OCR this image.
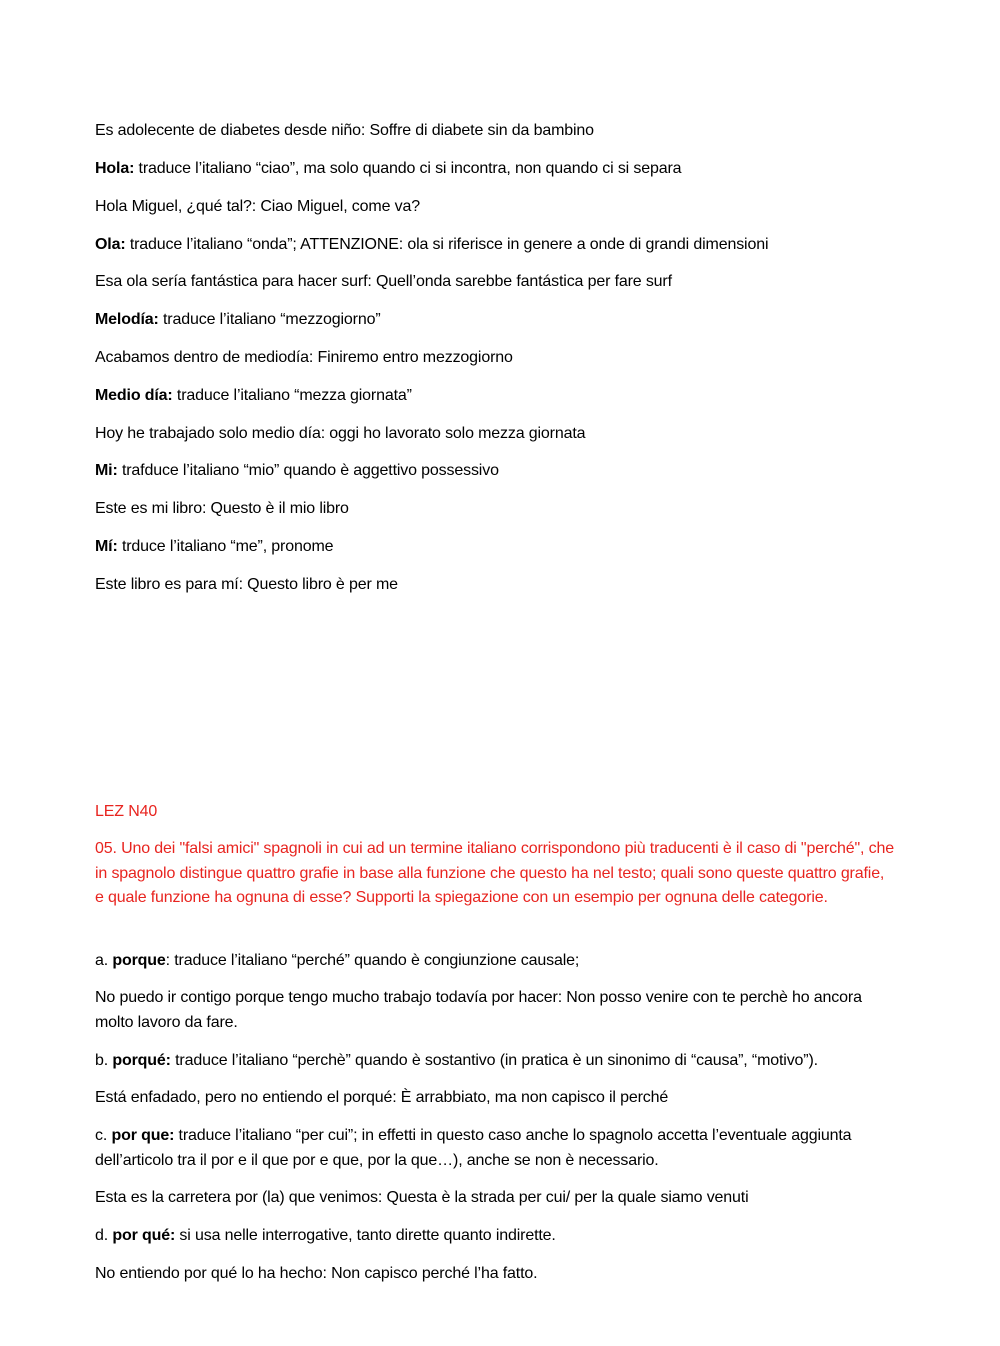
Es adolecente de diabetes desde niño: Soffre di diabete sin da bambino
Hola: traduce l’italiano “ciao”, ma solo quando ci si incontra, non quando ci si separa
Hola Miguel, ¿qué tal?: Ciao Miguel, come va?
Ola: traduce l’italiano “onda”; ATTENZIONE: ola si riferisce in genere a onde di grandi dimensioni
Esa ola sería fantástica para hacer surf: Quell’onda sarebbe fantástica per fare surf
Melodía: traduce l’italiano “mezzogiorno”
Acabamos dentro de mediodía: Finiremo entro mezzogiorno
Medio día: traduce l’italiano “mezza giornata”
Hoy he trabajado solo medio día: oggi ho lavorato solo mezza giornata
Mi: trafduce l’italiano “mio” quando è aggettivo possessivo
Este es mi libro: Questo è il mio libro
Mí: trduce l’italiano “me”, pronome
Este libro es para mí: Questo libro è per me
LEZ N40
05. Uno dei "falsi amici" spagnoli in cui ad un termine italiano corrispondono più traducenti è il caso di "perché", che in spagnolo distingue quattro grafie in base alla funzione che questo ha nel testo; quali sono queste quattro grafie, e quale funzione ha ognuna di esse? Supporti la spiegazione con un esempio per ognuna delle categorie.
a. porque: traduce l’italiano “perché” quando è congiunzione causale;
No puedo ir contigo porque tengo mucho trabajo todavía por hacer: Non posso venire con te perchè ho ancora molto lavoro da fare.
b. porqué: traduce l’italiano “perchè” quando è sostantivo (in pratica è un sinonimo di “causa”, “motivo”).
Está enfadado, pero no entiendo el porqué: È arrabbiato, ma non capisco il perché
c. por que: traduce l’italiano “per cui”; in effetti in questo caso anche lo spagnolo accetta l’eventuale aggiunta dell’articolo tra il por e il que por e que, por la que…), anche se non è necessario.
Esta es la carretera por (la) que venimos: Questa è la strada per cui/ per la quale siamo venuti
d. por qué: si usa nelle interrogative, tanto dirette quanto indirette.
No entiendo por qué lo ha hecho: Non capisco perché l’ha fatto.
